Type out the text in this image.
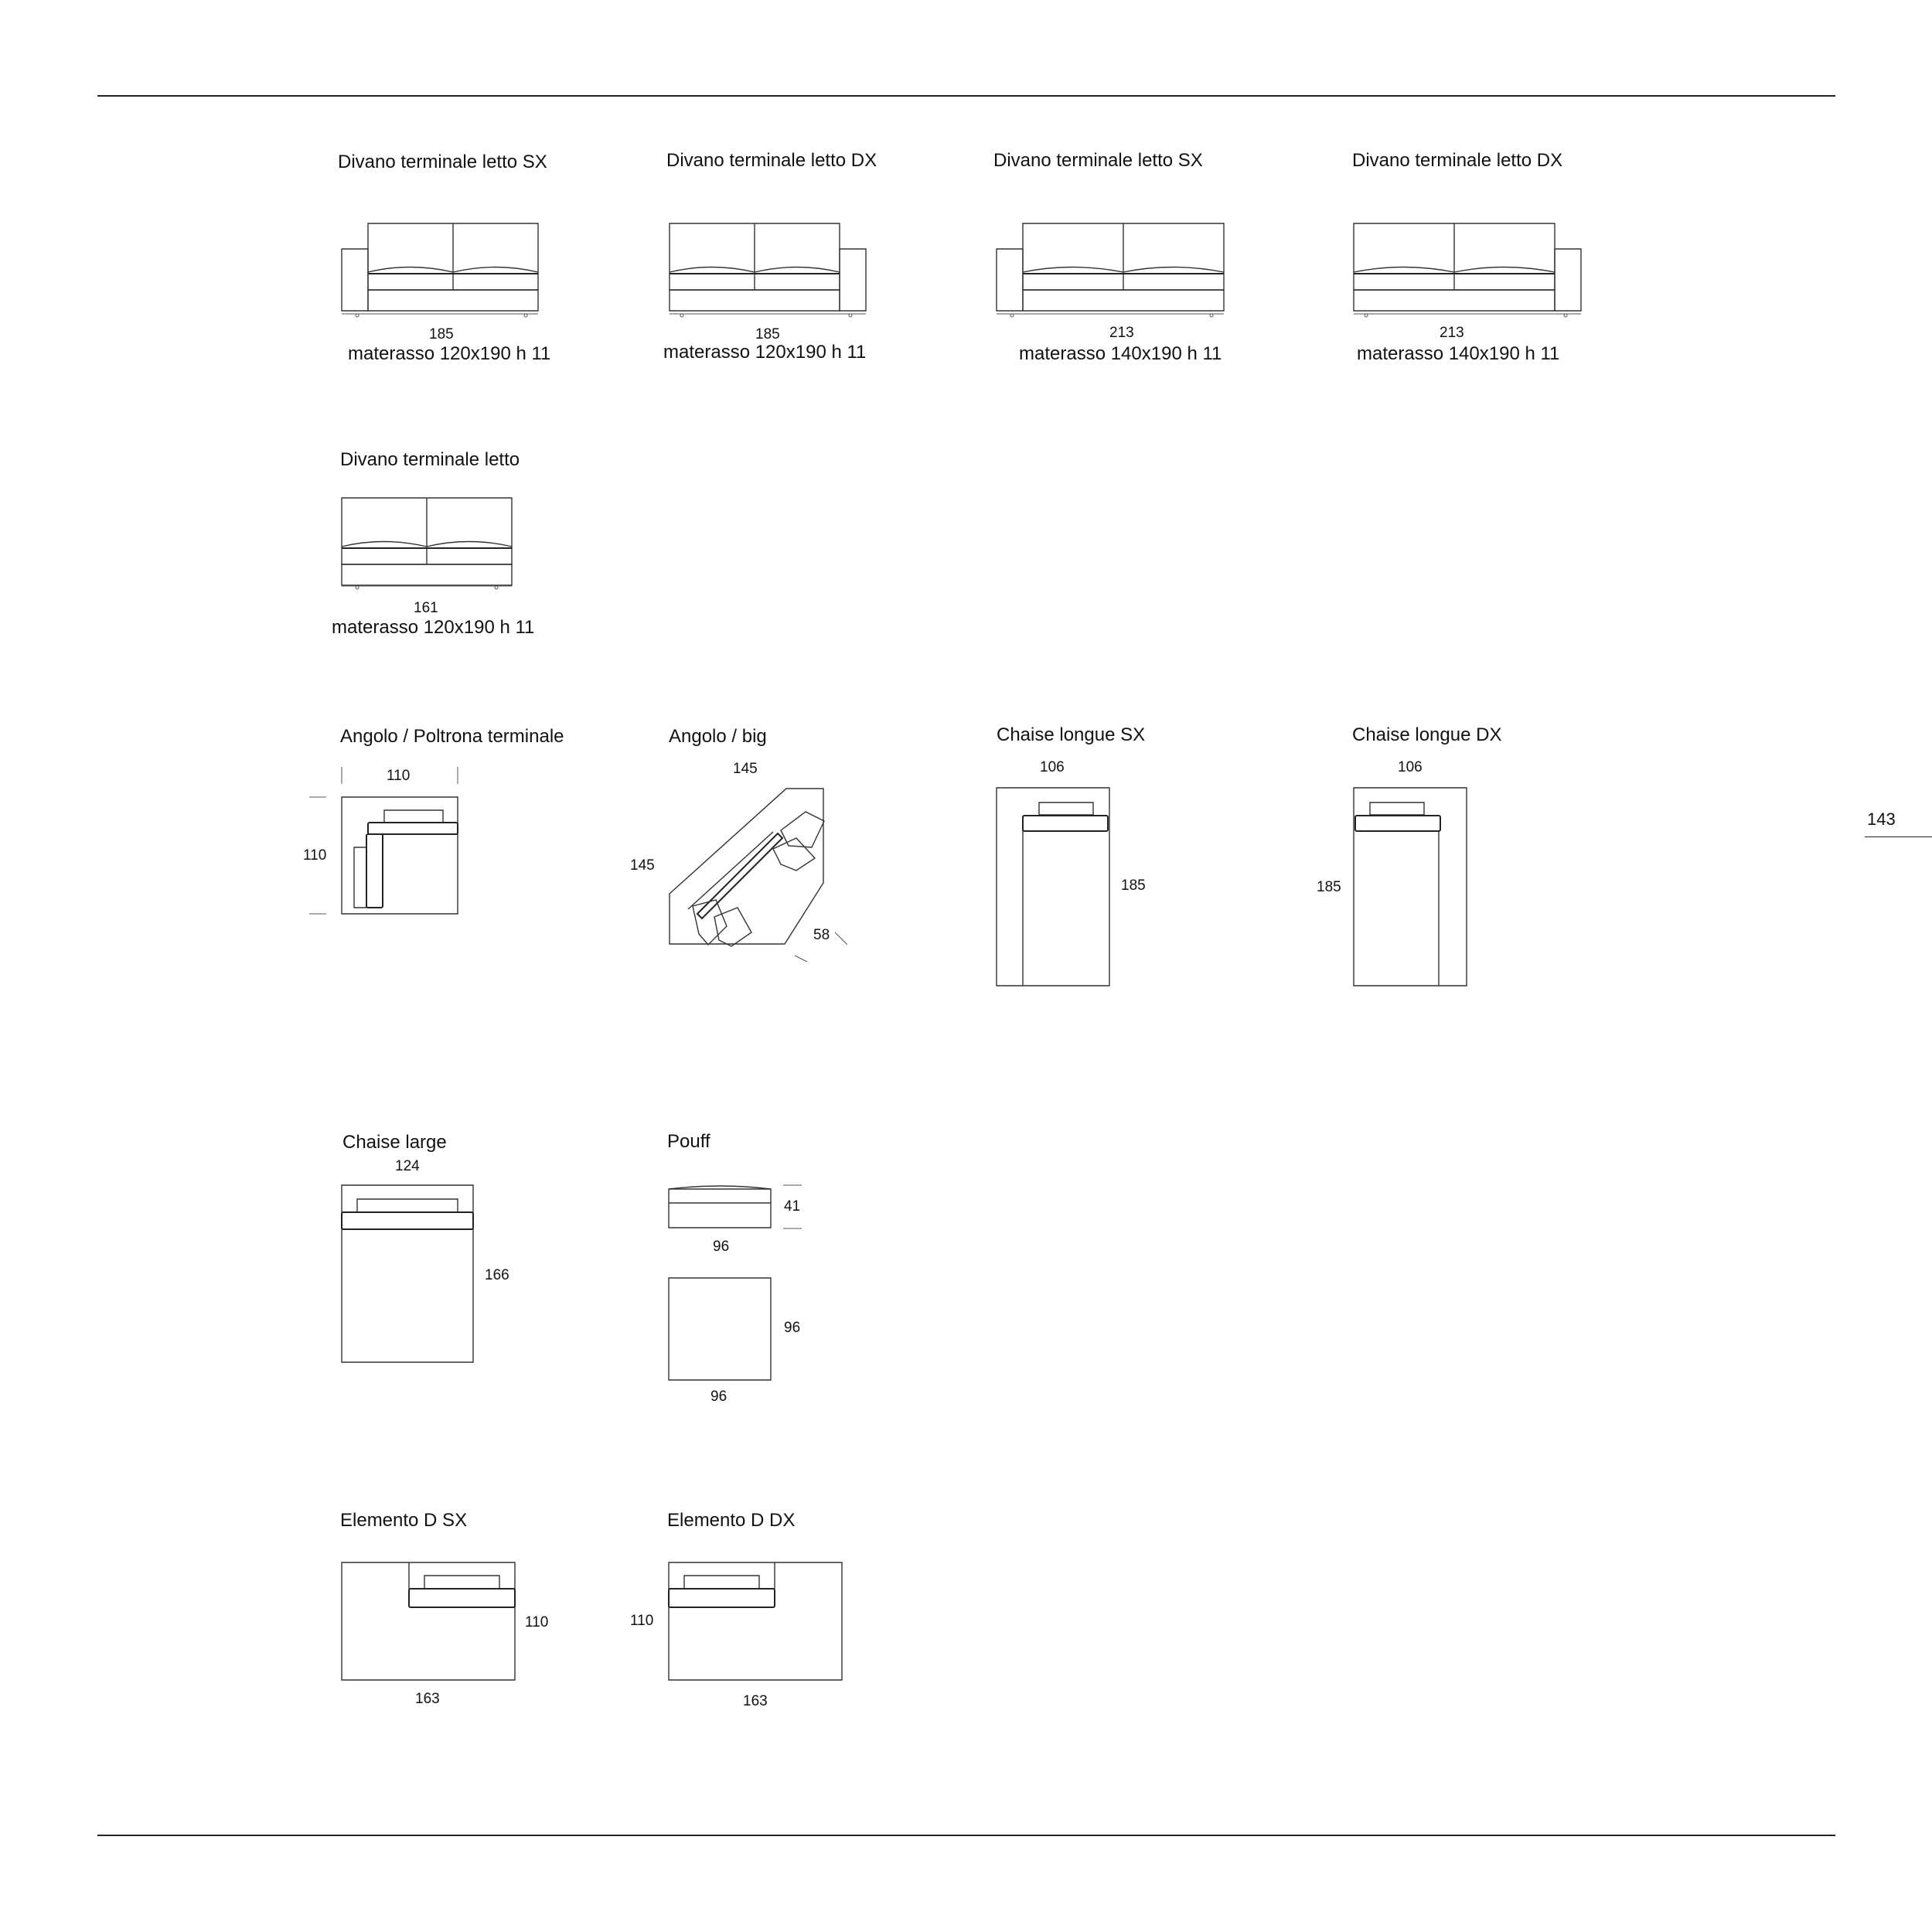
143
Divano terminale letto SX	Divano terminale letto DX	Divano terminale letto SX	Divano terminale letto DX
185	185	213	213
materasso 120x190 h 11	materasso 120x190 h 11	materasso 140x190 h 11	materasso 140x190 h 11
Divano terminale letto
161
materasso 120x190 h 11
Angolo / Poltrona terminale	Angolo / big	Chaise longue SX	Chaise longue DX
110
110
145
145
58
106
185
106
185
Chaise large	Pouff
124
166
41
96
96
96
Elemento D SX	Elemento D DX
110
163
110
163
